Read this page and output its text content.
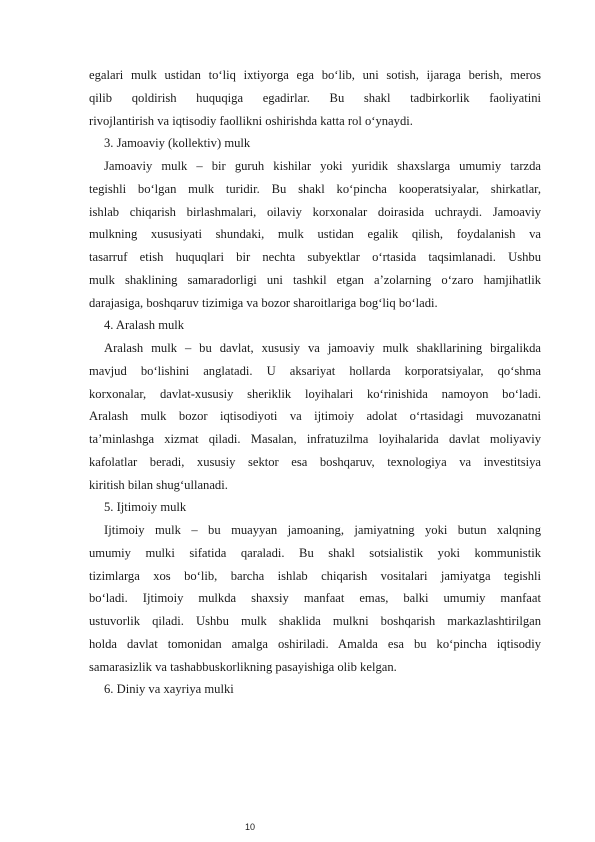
egalari mulk ustidan to‘liq ixtiyorga ega bo‘lib, uni sotish, ijaraga berish, meros
qilib qoldirish huquqiga egadirlar. Bu shakl tadbirkorlik faoliyatini
rivojlantirish va iqtisodiy faollikni oshirishda katta rol o‘ynaydi.
3. Jamoaviy (kollektiv) mulk
Jamoaviy mulk – bir guruh kishilar yoki yuridik shaxslarga umumiy tarzda
tegishli bo‘lgan mulk turidir. Bu shakl ko‘pincha kooperatsiyalar, shirkatlar,
ishlab chiqarish birlashmalari, oilaviy korxonalar doirasida uchraydi. Jamoaviy
mulkning xususiyati shundaki, mulk ustidan egalik qilish, foydalanish va
tasarruf etish huquqlari bir nechta subyektlar o‘rtasida taqsimlanadi. Ushbu
mulk shaklining samaradorligi uni tashkil etgan a’zolarning o‘zaro hamjihatlik
darajasiga, boshqaruv tizimiga va bozor sharoitlariga bog‘liq bo‘ladi.
4. Aralash mulk
Aralash mulk – bu davlat, xususiy va jamoaviy mulk shakllarining birgalikda
mavjud bo‘lishini anglatadi. U aksariyat hollarda korporatsiyalar, qo‘shma
korxonalar, davlat-xususiy sheriklik loyihalari ko‘rinishida namoyon bo‘ladi.
Aralash mulk bozor iqtisodiyoti va ijtimoiy adolat o‘rtasidagi muvozanatni
ta’minlashga xizmat qiladi. Masalan, infratuzilma loyihalarida davlat moliyaviy
kafolatlar beradi, xususiy sektor esa boshqaruv, texnologiya va investitsiya
kiritish bilan shug‘ullanadi.
5. Ijtimoiy mulk
Ijtimoiy mulk – bu muayyan jamoaning, jamiyatning yoki butun xalqning
umumiy mulki sifatida qaraladi. Bu shakl sotsialistik yoki kommunistik
tizimlarga xos bo‘lib, barcha ishlab chiqarish vositalari jamiyatga tegishli
bo‘ladi. Ijtimoiy mulkda shaxsiy manfaat emas, balki umumiy manfaat
ustuvorlik qiladi. Ushbu mulk shaklida mulkni boshqarish markazlashtirilgan
holda davlat tomonidan amalga oshiriladi. Amalda esa bu ko‘pincha iqtisodiy
samarasizlik va tashabbuskorlikning pasayishiga olib kelgan.
6. Diniy va xayriya mulki
10
